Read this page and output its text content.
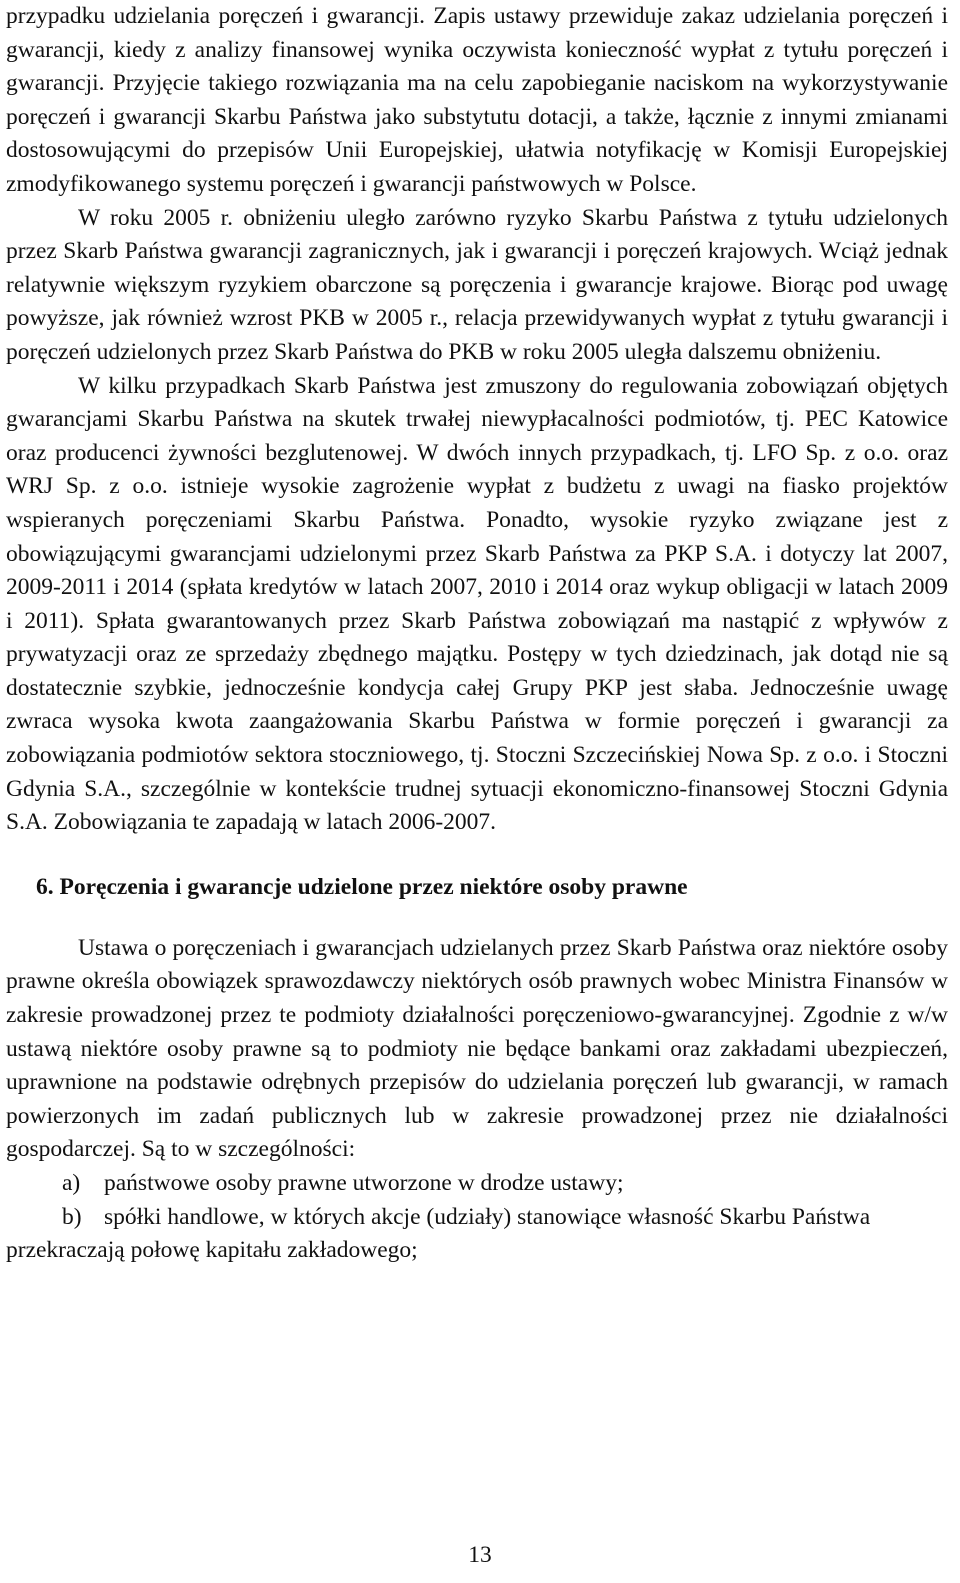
przypadku udzielania poręczeń i gwarancji. Zapis ustawy przewiduje zakaz udzielania poręczeń i gwarancji, kiedy z analizy finansowej wynika oczywista konieczność wypłat z tytułu poręczeń i gwarancji. Przyjęcie takiego rozwiązania ma na celu zapobieganie naciskom na wykorzystywanie poręczeń i gwarancji Skarbu Państwa jako substytutu dotacji, a także, łącznie z innymi zmianami dostosowującymi do przepisów Unii Europejskiej, ułatwia notyfikację w Komisji Europejskiej zmodyfikowanego systemu poręczeń i gwarancji państwowych w Polsce.

W roku 2005 r. obniżeniu uległo zarówno ryzyko Skarbu Państwa z tytułu udzielonych przez Skarb Państwa gwarancji zagranicznych, jak i gwarancji i poręczeń krajowych. Wciąż jednak relatywnie większym ryzykiem obarczone są poręczenia i gwarancje krajowe. Biorąc pod uwagę powyższe, jak również wzrost PKB w 2005 r., relacja przewidywanych wypłat z tytułu gwarancji i poręczeń udzielonych przez Skarb Państwa do PKB w roku 2005 uległa dalszemu obniżeniu.

W kilku przypadkach Skarb Państwa jest zmuszony do regulowania zobowiązań objętych gwarancjami Skarbu Państwa na skutek trwałej niewypłacalności podmiotów, tj. PEC Katowice oraz producenci żywności bezglutenowej. W dwóch innych przypadkach, tj. LFO Sp. z o.o. oraz WRJ Sp. z o.o. istnieje wysokie zagrożenie wypłat z budżetu z uwagi na fiasko projektów wspieranych poręczeniami Skarbu Państwa. Ponadto, wysokie ryzyko związane jest z obowiązującymi gwarancjami udzielonymi przez Skarb Państwa za PKP S.A. i dotyczy lat 2007, 2009-2011 i 2014 (spłata kredytów w latach 2007, 2010 i 2014 oraz wykup obligacji w latach 2009 i 2011). Spłata gwarantowanych przez Skarb Państwa zobowiązań ma nastąpić z wpływów z prywatyzacji oraz ze sprzedaży zbędnego majątku. Postępy w tych dziedzinach, jak dotąd nie są dostatecznie szybkie, jednocześnie kondycja całej Grupy PKP jest słaba. Jednocześnie uwagę zwraca wysoka kwota zaangażowania Skarbu Państwa w formie poręczeń i gwarancji za zobowiązania podmiotów sektora stoczniowego, tj. Stoczni Szczecińskiej Nowa Sp. z o.o. i Stoczni Gdynia S.A., szczególnie w kontekście trudnej sytuacji ekonomiczno-finansowej Stoczni Gdynia S.A. Zobowiązania te zapadają w latach 2006-2007.

6. Poręczenia i gwarancje udzielone przez niektóre osoby prawne

Ustawa o poręczeniach i gwarancjach udzielanych przez Skarb Państwa oraz niektóre osoby prawne określa obowiązek sprawozdawczy niektórych osób prawnych wobec Ministra Finansów w zakresie prowadzonej przez te podmioty działalności poręczeniowo-gwarancyjnej. Zgodnie z w/w ustawą niektóre osoby prawne są to podmioty nie będące bankami oraz zakładami ubezpieczeń, uprawnione na podstawie odrębnych przepisów do udzielania poręczeń lub gwarancji, w ramach powierzonych im zadań publicznych lub w zakresie prowadzonej przez nie działalności gospodarczej. Są to w szczególności:

a) państwowe osoby prawne utworzone w drodze ustawy;

b) spółki handlowe, w których akcje (udziały) stanowiące własność Skarbu Państwa przekraczają połowę kapitału zakładowego;

13
